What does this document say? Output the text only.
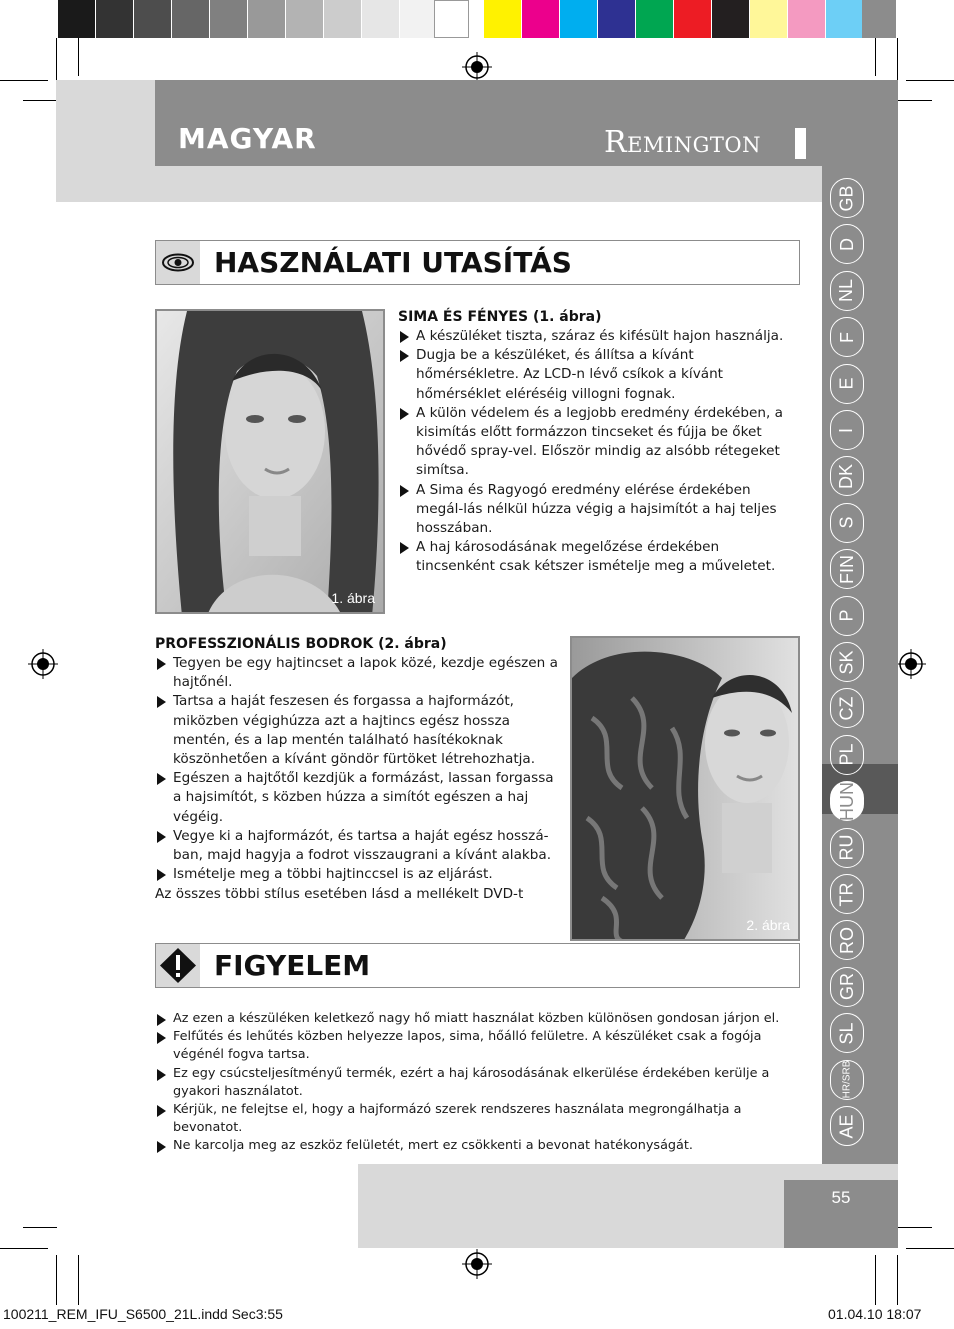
MAGYAR	Remington
GB
D
NL
F
E
I
DK
S
FIN
P
SK
CZ
PL
HUN
RU
TR
RO
GR
SL
HR/SRB
AE
HASZNÁLATI UTASÍTÁS
1. ábra
SIMA ÉS FÉNYES (1. ábra)
A készüléket tiszta, száraz és kifésült hajon használja.
Dugja be a készüléket, és állítsa a kívánt hőmérsékletre. Az LCD-n lévő csíkok a kívánt hőmérséklet eléréséig villogni fognak.
A külön védelem és a legjobb eredmény érdekében, a kisimítás előtt formázzon tincseket és fújja be őket hővédő spray-vel. Először mindig az alsóbb rétegeket simítsa.
A Sima és Ragyogó eredmény elérése érdekében megál-lás nélkül húzza végig a hajsimítót a haj teljes hosszában.
A haj károsodásának megelőzése érdekében tincsenként csak kétszer ismételje meg a műveletet.
PROFESSZIONÁLIS BODROK (2. ábra)
Tegyen be egy hajtincset a lapok közé, kezdje egészen a hajtőnél.
Tartsa a haját feszesen és forgassa a hajformázót, miközben végighúzza azt a hajtincs egész hossza mentén, és a lap mentén található hasítékoknak köszönhetően a kívánt göndör fürtöket létrehozhatja.
Egészen a hajtőtől kezdjük a formázást, lassan forgassa a hajsimítót, s közben húzza a simítót egészen a haj végéig.
Vegye ki a hajformázót, és tartsa a haját egész hosszá-ban, majd hagyja a fodrot visszaugrani a kívánt alakba.
Ismételje meg a többi hajtinccsel is az eljárást.
Az összes többi stílus esetében lásd a mellékelt DVD-t
2. ábra
FIGYELEM
Az ezen a készüléken keletkező nagy hő miatt használat közben különösen gondosan járjon el.
Felfűtés és lehűtés közben helyezze lapos, sima, hőálló felületre. A készüléket csak a fogója végénél fogva tartsa.
Ez egy csúcsteljesítményű termék, ezért a haj károsodásának elkerülése érdekében kerülje a gyakori használatot.
Kérjük, ne felejtse el, hogy a hajformázó szerek rendszeres használata megrongálhatja a bevonatot.
Ne karcolja meg az eszköz felületét, mert ez csökkenti a bevonat hatékonyságát.
55
100211_REM_IFU_S6500_21L.indd Sec3:55	01.04.10 18:07
